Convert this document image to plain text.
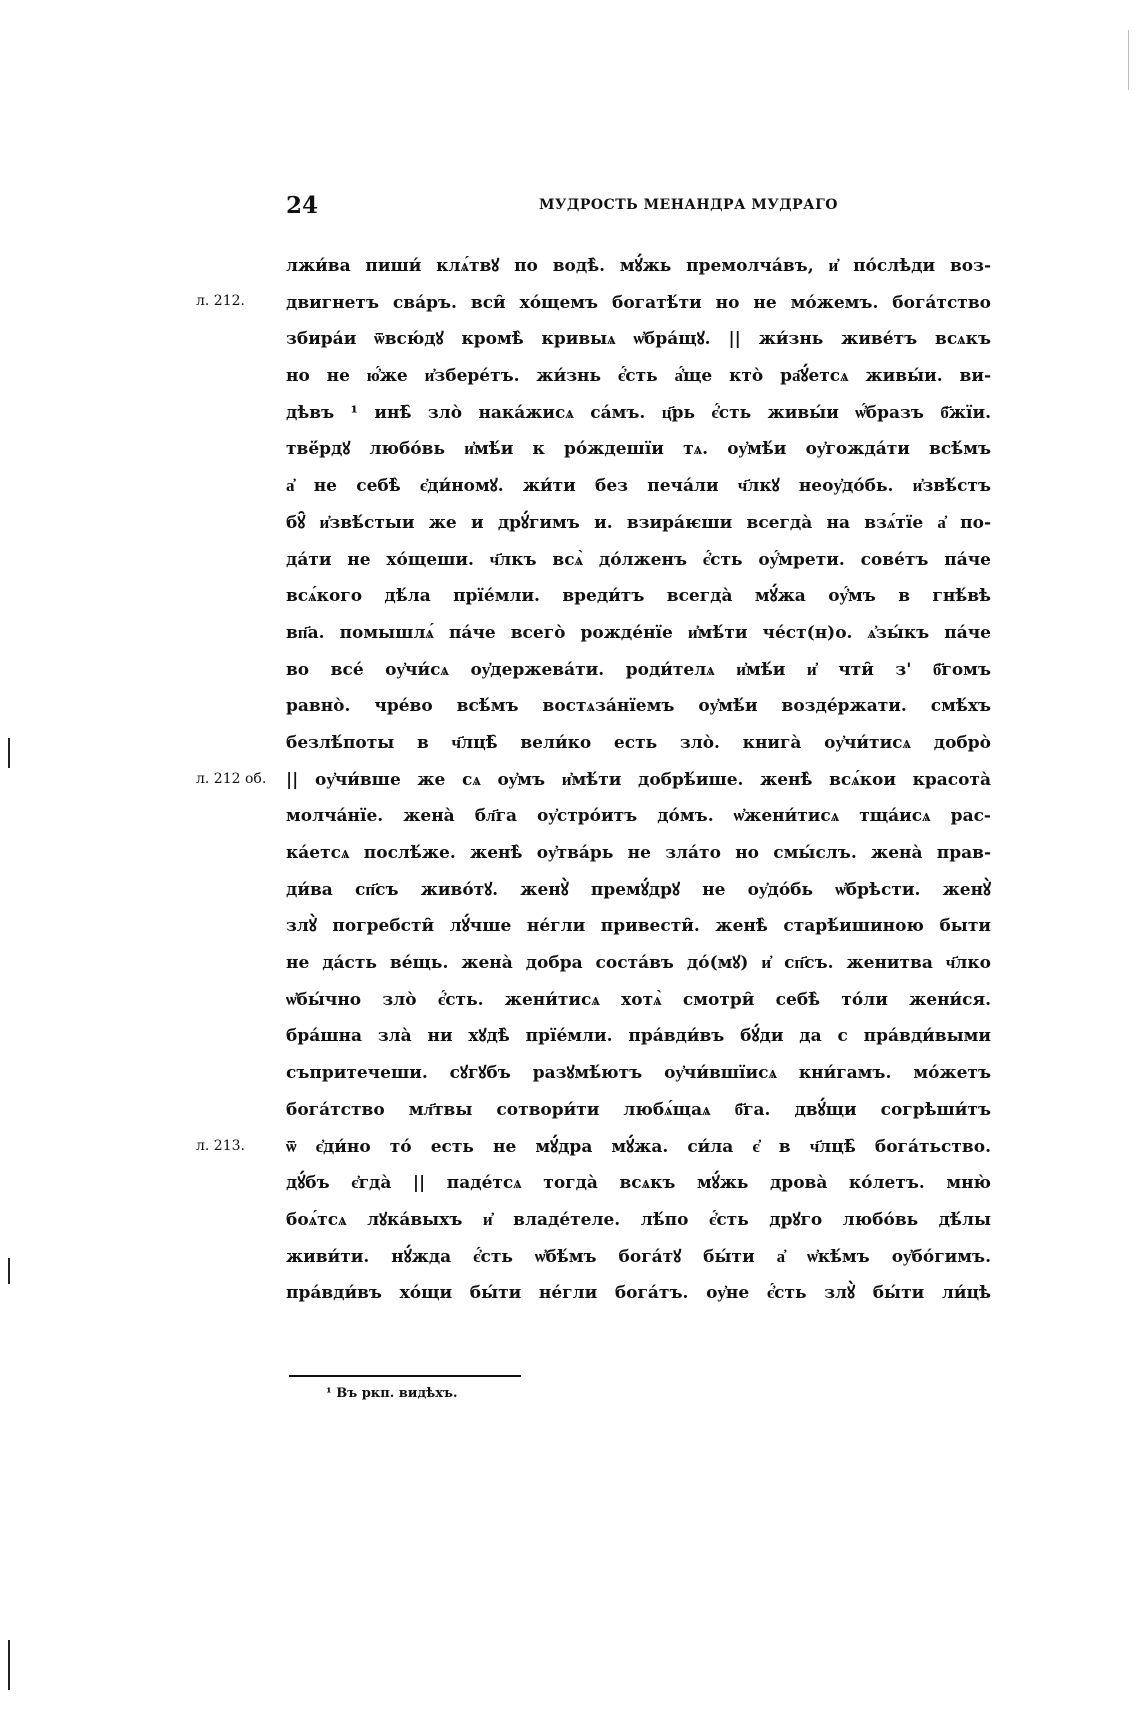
24	МУДРОСТЬ МЕНАНДРА МУДРАГО
л. 212.
л. 212 об.
л. 213.
лжи́ва пиши́ клѧ́твꙋ по водѣ̀. мꙋ́жь премолча́въ, и҆ по́слѣди воз-
двигнетъ сва́ръ. вси̑ хо́щемъ богатѣ́ти но не мо́жемъ. бога́тство
збира́и ѿвсю́дꙋ кромѣ̀ кривыѧ ѡ҆бра́щꙋ. || жи́знь живе́тъ всѧкъ
но не ю҆́же и҆збере́тъ. жи́знь є҆́сть а҆́ще кто̀ ра҃ꙋ́етсѧ живы́и. ви-
дѣвъ ¹ инѣ̑ зло̀ нака́жисѧ са́мъ. ц҃рь є҆́сть живы́и ѡ҆́бразъ б҃жїи.
твё́рдꙋ любо́вь и҆мѣ́и к ро́ждешїи тѧ. оу҆мѣ́и оу҆гожда́ти всѣ́мъ
а҆ не себѣ̀ є҆ди́номꙋ. жи́ти без печа́ли ч҃лкꙋ неоу҆до́бь. и҆звѣ́стъ
бꙋ̑ и҆звѣ́стыи же и дрꙋ́гимъ и. взира́ѥши всегда̀ на взѧ́тїе а҆ по-
да́ти не хо́щеши. ч҃лкъ всѧ̀ до́лженъ є҆́сть оу҆́мрети. сове́тъ па́че
всѧ́кого дѣ́ла прїе́мли. вреди́тъ всегда̀ мꙋ́жа оу҆́мъ в гнѣ́вѣ
вп҃а. помышлѧ́ па́че всего̀ рожде́нїе и҆мѣ́ти че́ст(н)о. ѧ҆зы́къ па́че
во все́ оу҆чи́сѧ оу҆держева́ти. роди́телѧ и҆мѣ́и и҆ чти̑ з' б҃гомъ
равно̀. чре́во всѣ́мъ востѧза́нїемъ оу҆мѣ́и возде́ржати. смѣ́хъ
безлѣ́поты в ч҃лцѣ̑ вели́ко есть зло̀. книга̀ оу҆чи́тисѧ добро̀
|| оу҆чи́вше же сѧ оу҆мъ и҆мѣ́ти добрѣ́ише. женѣ̀ всѧ́кои красота̀
молча́нїе. жена̀ бл҃га оу҆стро́итъ до́мъ. ѡ҆жени́тисѧ тща́исѧ рас-
ка́етсѧ послѣ́же. женѣ̀ оу҆тва́рь не зла́то но смы́слъ. жена̀ прав-
ди́ва сп҃съ живо́тꙋ. женꙋ̀ премꙋ́дрꙋ не оу҆до́бь ѡ҆брѣсти. женꙋ̀
злꙋ̀ погребсти̑ лꙋ́чше не́гли привести̑. женѣ̀ старѣ́ишиною быти
не да́сть ве́щь. жена̀ добра соста́въ до́(мꙋ) и҆ сп҃съ. женитва ч҃лко
ѡ҆бы́чно зло̀ є҆́сть. жени́тисѧ хотѧ̀ смотри̑ себѣ̀ то́ли жени́ся.
бра́шна зла̀ ни хꙋдѣ̀ прїе́мли. пра́вди́въ бꙋ́ди да с пра́вди́выми
съпритечеши. сꙋгꙋбъ разꙋмѣ́ютъ оу҆чи́вшїисѧ кни́гамъ. мо́жетъ
бога́тство мл҃твы сотвори́ти любѧ́щаѧ б҃га. двꙋ́щи согрѣши́тъ
ѿ є҆ди́но то́ есть не мꙋ́дра мꙋ́жа. си́ла є҆ в ч҃лцѣ̑ бога́тьство.
дꙋ́бъ є҆гда̀ || паде́тсѧ тогда̀ всѧкъ мꙋ́жь дрова̀ ко́летъ. мню̀
боѧ́тсѧ лꙋка́выхъ и҆ владе́теле. лѣ́по є҆́сть дрꙋго любо́вь дѣ́лы
живи́ти. нꙋ́жда є҆́сть ѡ҆бѣ́мъ бога́тꙋ бы́ти а҆ ѡ҆кѣ́мъ оу҆бо́гимъ.
пра́вди́въ хо́щи бы́ти не́гли бога́тъ. оу҆не є҆́сть злꙋ̀ бы́ти ли́цѣ
¹ Въ ркп. видѣхъ.
